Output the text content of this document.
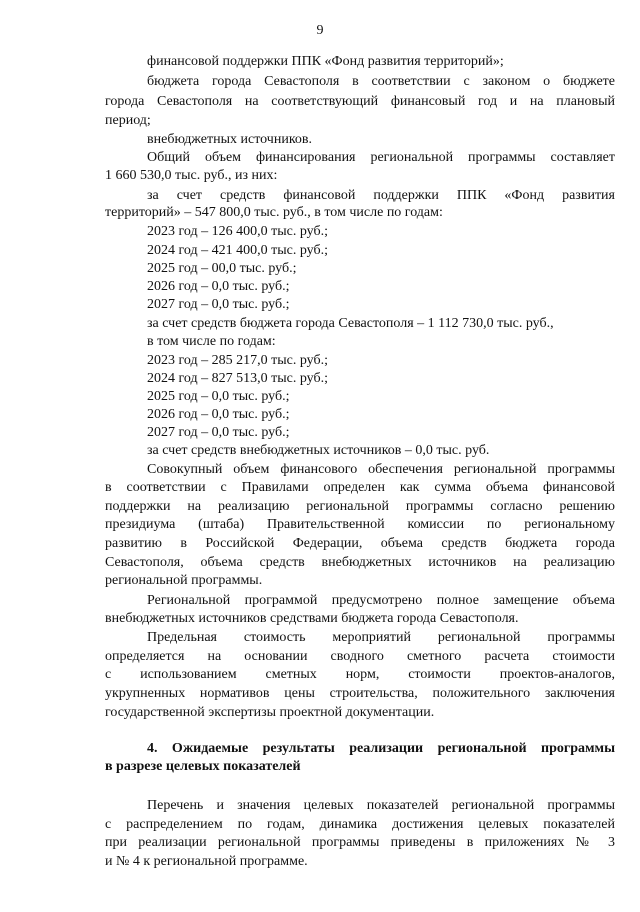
9
финансовой поддержки ППК «Фонд развития территорий»;
бюджета города Севастополя в соответствии с законом о бюджете
города Севастополя на соответствующий финансовый год и на плановый
период;
внебюджетных источников.
Общий объем финансирования региональной программы составляет
1 660 530,0 тыс. руб., из них:
за счет средств финансовой поддержки ППК «Фонд развития
территорий» – 547 800,0 тыс. руб., в том числе по годам:
2023 год – 126 400,0 тыс. руб.;
2024 год – 421 400,0 тыс. руб.;
2025 год – 00,0 тыс. руб.;
2026 год – 0,0 тыс. руб.;
2027 год – 0,0 тыс. руб.;
за счет средств бюджета города Севастополя – 1 112 730,0 тыс. руб.,
в том числе по годам:
2023 год – 285 217,0 тыс. руб.;
2024 год – 827 513,0 тыс. руб.;
2025 год – 0,0 тыс. руб.;
2026 год – 0,0 тыс. руб.;
2027 год – 0,0 тыс. руб.;
за счет средств внебюджетных источников – 0,0 тыс. руб.
Совокупный объем финансового обеспечения региональной программы
в соответствии с Правилами определен как сумма объема финансовой
поддержки на реализацию региональной программы согласно решению
президиума (штаба) Правительственной комиссии по региональному
развитию в Российской Федерации, объема средств бюджета города
Севастополя, объема средств внебюджетных источников на реализацию
региональной программы.
Региональной программой предусмотрено полное замещение объема
внебюджетных источников средствами бюджета города Севастополя.
Предельная стоимость мероприятий региональной программы
определяется на основании сводного сметного расчета стоимости
с использованием сметных норм, стоимости проектов-аналогов,
укрупненных нормативов цены строительства, положительного заключения
государственной экспертизы проектной документации.
4. Ожидаемые результаты реализации региональной программы
в разрезе целевых показателей
Перечень и значения целевых показателей региональной программы
с распределением по годам, динамика достижения целевых показателей
при реализации региональной программы приведены в приложениях № 3
и № 4 к региональной программе.
